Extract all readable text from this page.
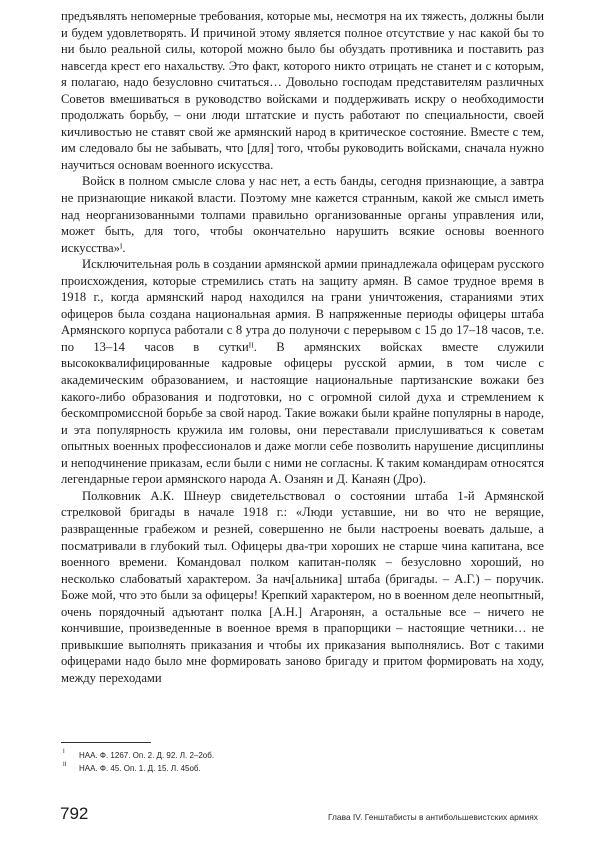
предъявлять непомерные требования, которые мы, несмотря на их тяжесть, должны были и будем удовлетворять. И причиной этому является полное отсутствие у нас какой бы то ни было реальной силы, которой можно было бы обуздать противника и поставить раз навсегда крест его нахальству. Это факт, которого никто отрицать не станет и с которым, я полагаю, надо безусловно считаться… Довольно господам представителям различных Советов вмешиваться в руководство войсками и поддерживать искру о необходимости продолжать борьбу, – они люди штатские и пусть работают по специальности, своей кичливостью не ставят свой же армянский народ в критическое состояние. Вместе с тем, им следовало бы не забывать, что [для] того, чтобы руководить войсками, сначала нужно научиться основам военного искусства.

Войск в полном смысле слова у нас нет, а есть банды, сегодня признающие, а завтра не признающие никакой власти. Поэтому мне кажется странным, какой же смысл иметь над неорганизованными толпами правильно организованные органы управления или, может быть, для того, чтобы окончательно нарушить всякие основы военного искусства»ᴵ.

Исключительная роль в создании армянской армии принадлежала офицерам русского происхождения, которые стремились стать на защиту армян. В самое трудное время в 1918 г., когда армянский народ находился на грани уничтожения, стараниями этих офицеров была создана национальная армия. В напряженные периоды офицеры штаба Армянского корпуса работали с 8 утра до полуночи с перерывом с 15 до 17–18 часов, т.е. по 13–14 часов в суткиᴵᴵ. В армянских войсках вместе служили высококвалифицированные кадровые офицеры русской армии, в том числе с академическим образованием, и настоящие национальные партизанские вожаки без какого-либо образования и подготовки, но с огромной силой духа и стремлением к бескомпромиссной борьбе за свой народ. Такие вожаки были крайне популярны в народе, и эта популярность кружила им головы, они переставали прислушиваться к советам опытных военных профессионалов и даже могли себе позволить нарушение дисциплины и неподчинение приказам, если были с ними не согласны. К таким командирам относятся легендарные герои армянского народа А. Озанян и Д. Канаян (Дро).

Полковник А.К. Шнеур свидетельствовал о состоянии штаба 1-й Армянской стрелковой бригады в начале 1918 г.: «Люди уставшие, ни во что не верящие, развращенные грабежом и резней, совершенно не были настроены воевать дальше, а посматривали в глубокий тыл. Офицеры два-три хороших не старше чина капитана, все военного времени. Командовал полком капитан-поляк – безусловно хороший, но несколько слабоватый характером. За нач[альника] штаба (бригады. – А.Г.) – поручик. Боже мой, что это были за офицеры! Крепкий характером, но в военном деле неопытный, очень порядочный адъютант полка [А.Н.] Агаронян, а остальные все – ничего не кончившие, произведенные в военное время в прапорщики – настоящие четники… не привыкшие выполнять приказания и чтобы их приказания выполнялись. Вот с такими офицерами надо было мне формировать заново бригаду и притом формировать на ходу, между переходами

I НАА. Ф. 1267. Оп. 2. Д. 92. Л. 2–2об.
II НАА. Ф. 45. Оп. 1. Д. 15. Л. 45об.
792	Глава IV. Генштабисты в антибольшевистских армиях
